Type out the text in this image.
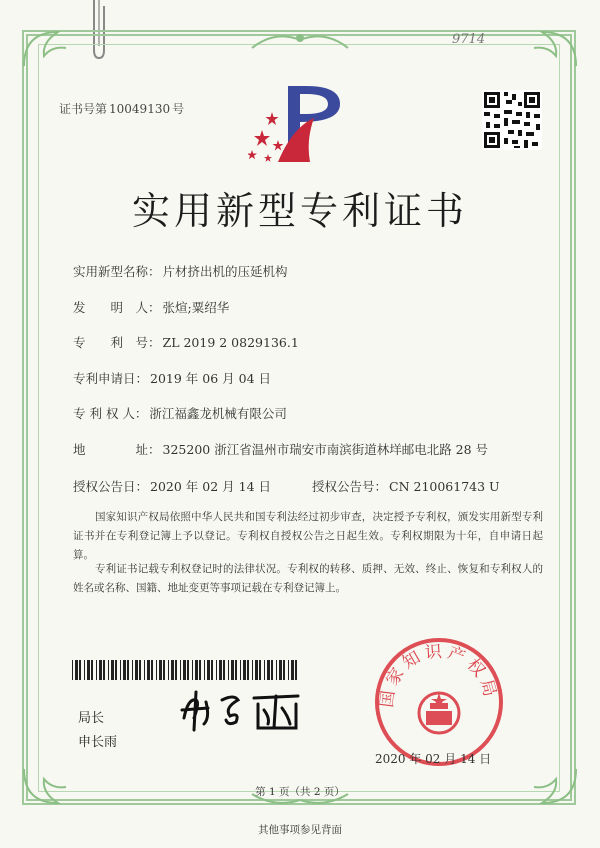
9714
证书号第 10049130 号
实用新型专利证书
实用新型名称： 片材挤出机的压延机构
发　　明　人： 张煊;粟绍华
专　　利　号： ZL 2019 2 0829136.1
专利申请日： 2019 年 06 月 04 日
专 利 权 人： 浙江福鑫龙机械有限公司
地　　　　址： 325200 浙江省温州市瑞安市南滨街道林垟邮电北路 28 号
授权公告日： 2020 年 02 月 14 日	授权公告号： CN 210061743 U
国家知识产权局依照中华人民共和国专利法经过初步审查，决定授予专利权，颁发实用新型专利证书并在专利登记簿上予以登记。专利权自授权公告之日起生效。专利权期限为十年，自申请日起算。
专利证书记载专利权登记时的法律状况。专利权的转移、质押、无效、终止、恢复和专利权人的姓名或名称、国籍、地址变更等事项记载在专利登记簿上。
局长
申长雨
国家知识产权局
2020 年 02 月 14 日
第 1 页（共 2 页）
其他事项参见背面
